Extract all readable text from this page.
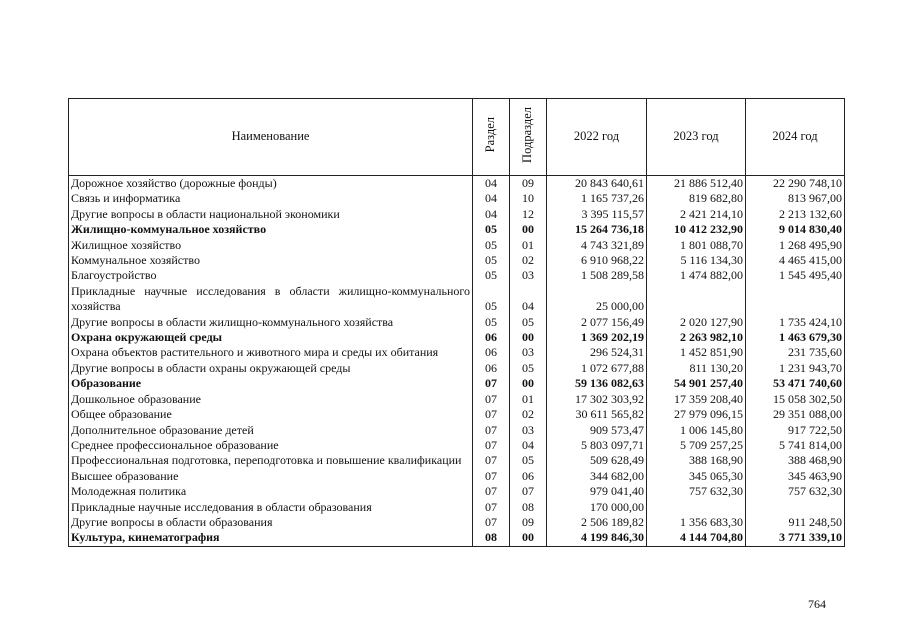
Наименование	Раздел	Подраздел	2022 год	2023 год	2024 год
Дорожное хозяйство (дорожные фонды)	04	09	20 843 640,61	21 886 512,40	22 290 748,10
Связь и информатика	04	10	1 165 737,26	819 682,80	813 967,00
Другие вопросы в области национальной экономики	04	12	3 395 115,57	2 421 214,10	2 213 132,60
Жилищно-коммунальное хозяйство	05	00	15 264 736,18	10 412 232,90	9 014 830,40
Жилищное хозяйство	05	01	4 743 321,89	1 801 088,70	1 268 495,90
Коммунальное хозяйство	05	02	6 910 968,22	5 116 134,30	4 465 415,00
Благоустройство	05	03	1 508 289,58	1 474 882,00	1 545 495,40
Прикладные научные исследования в области жилищно-коммунального хозяйства	05	04	25 000,00		
Другие вопросы в области жилищно-коммунального хозяйства	05	05	2 077 156,49	2 020 127,90	1 735 424,10
Охрана окружающей среды	06	00	1 369 202,19	2 263 982,10	1 463 679,30
Охрана объектов растительного и животного мира и среды их обитания	06	03	296 524,31	1 452 851,90	231 735,60
Другие вопросы в области охраны окружающей среды	06	05	1 072 677,88	811 130,20	1 231 943,70
Образование	07	00	59 136 082,63	54 901 257,40	53 471 740,60
Дошкольное образование	07	01	17 302 303,92	17 359 208,40	15 058 302,50
Общее образование	07	02	30 611 565,82	27 979 096,15	29 351 088,00
Дополнительное образование детей	07	03	909 573,47	1 006 145,80	917 722,50
Среднее профессиональное образование	07	04	5 803 097,71	5 709 257,25	5 741 814,00
Профессиональная подготовка, переподготовка и повышение квалификации	07	05	509 628,49	388 168,90	388 468,90
Высшее образование	07	06	344 682,00	345 065,30	345 463,90
Молодежная политика	07	07	979 041,40	757 632,30	757 632,30
Прикладные научные исследования в области образования	07	08	170 000,00		
Другие вопросы в области образования	07	09	2 506 189,82	1 356 683,30	911 248,50
Культура, кинематография	08	00	4 199 846,30	4 144 704,80	3 771 339,10
764
